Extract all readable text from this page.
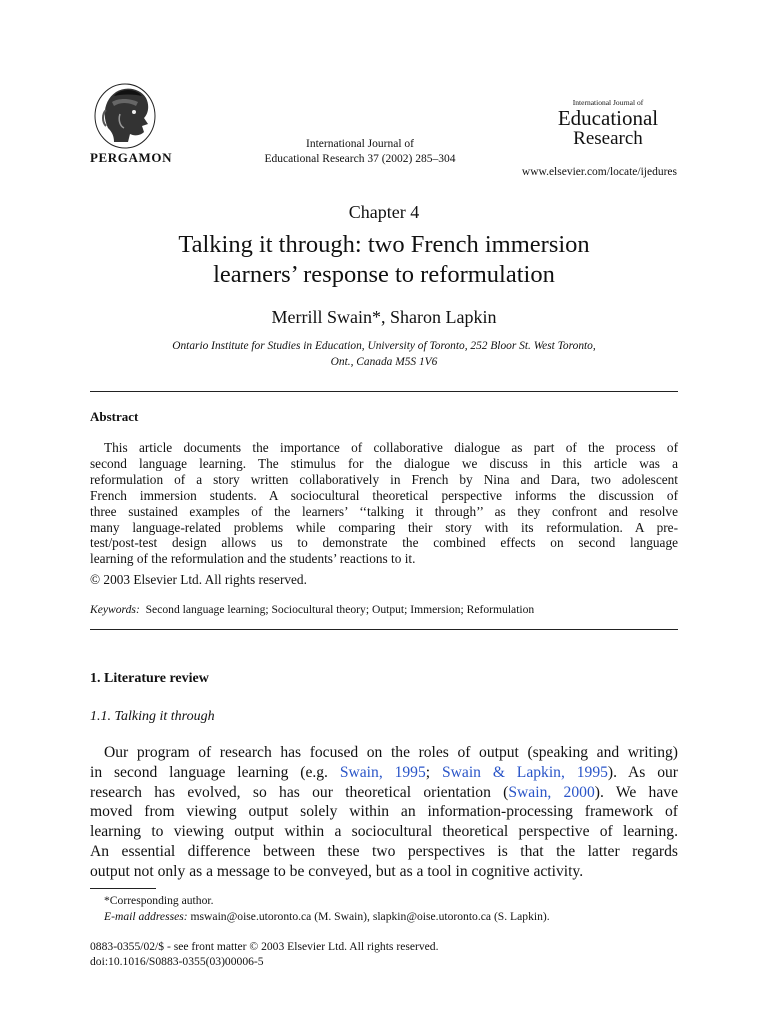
PERGAMON
International Journal of
Educational Research 37 (2002) 285–304
International Journal of
Educational
Research
www.elsevier.com/locate/ijedures
Chapter 4
Talking it through: two French immersion
learners’ response to reformulation
Merrill Swain*, Sharon Lapkin
Ontario Institute for Studies in Education, University of Toronto, 252 Bloor St. West Toronto,
Ont., Canada M5S 1V6
Abstract
This article documents the importance of collaborative dialogue as part of the process of
second language learning. The stimulus for the dialogue we discuss in this article was a
reformulation of a story written collaboratively in French by Nina and Dara, two adolescent
French immersion students. A sociocultural theoretical perspective informs the discussion of
three sustained examples of the learners’ ‘‘talking it through’’ as they confront and resolve
many language-related problems while comparing their story with its reformulation. A pre-
test/post-test design allows us to demonstrate the combined effects on second language
learning of the reformulation and the students’ reactions to it.
© 2003 Elsevier Ltd. All rights reserved.
Keywords: Second language learning; Sociocultural theory; Output; Immersion; Reformulation
1. Literature review
1.1. Talking it through
Our program of research has focused on the roles of output (speaking and writing)
in second language learning (e.g. Swain, 1995; Swain & Lapkin, 1995). As our
research has evolved, so has our theoretical orientation (Swain, 2000). We have
moved from viewing output solely within an information-processing framework of
learning to viewing output within a sociocultural theoretical perspective of learning.
An essential difference between these two perspectives is that the latter regards
output not only as a message to be conveyed, but as a tool in cognitive activity.
*Corresponding author.
E-mail addresses: mswain@oise.utoronto.ca (M. Swain), slapkin@oise.utoronto.ca (S. Lapkin).
0883-0355/02/$ - see front matter © 2003 Elsevier Ltd. All rights reserved.
doi:10.1016/S0883-0355(03)00006-5
